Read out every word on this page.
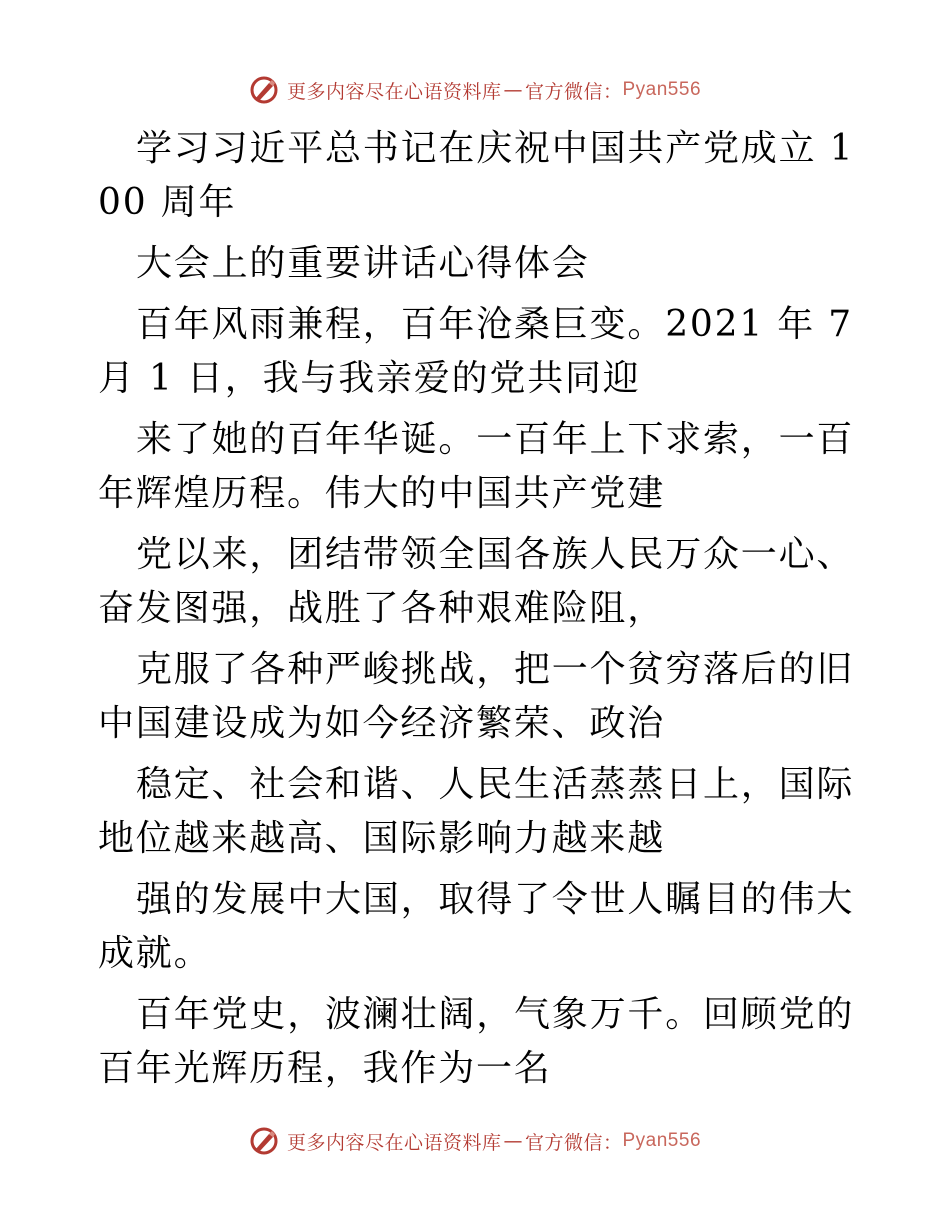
更多内容尽在心语资料库 — 官方微信： Pyan556

学习习近平总书记在庆祝中国共产党成立 100 周年

大会上的重要讲话心得体会

百年风雨兼程，百年沧桑巨变。2021 年 7 月 1 日，我与我亲爱的党共同迎

来了她的百年华诞。一百年上下求索，一百年辉煌历程。伟大的中国共产党建

党以来，团结带领全国各族人民万众一心、奋发图强，战胜了各种艰难险阻，

克服了各种严峻挑战，把一个贫穷落后的旧中国建设成为如今经济繁荣、政治

稳定、社会和谐、人民生活蒸蒸日上，国际地位越来越高、国际影响力越来越

强的发展中大国，取得了令世人瞩目的伟大成就。

百年党史，波澜壮阔，气象万千。回顾党的百年光辉历程，我作为一名

更多内容尽在心语资料库 — 官方微信： Pyan556
